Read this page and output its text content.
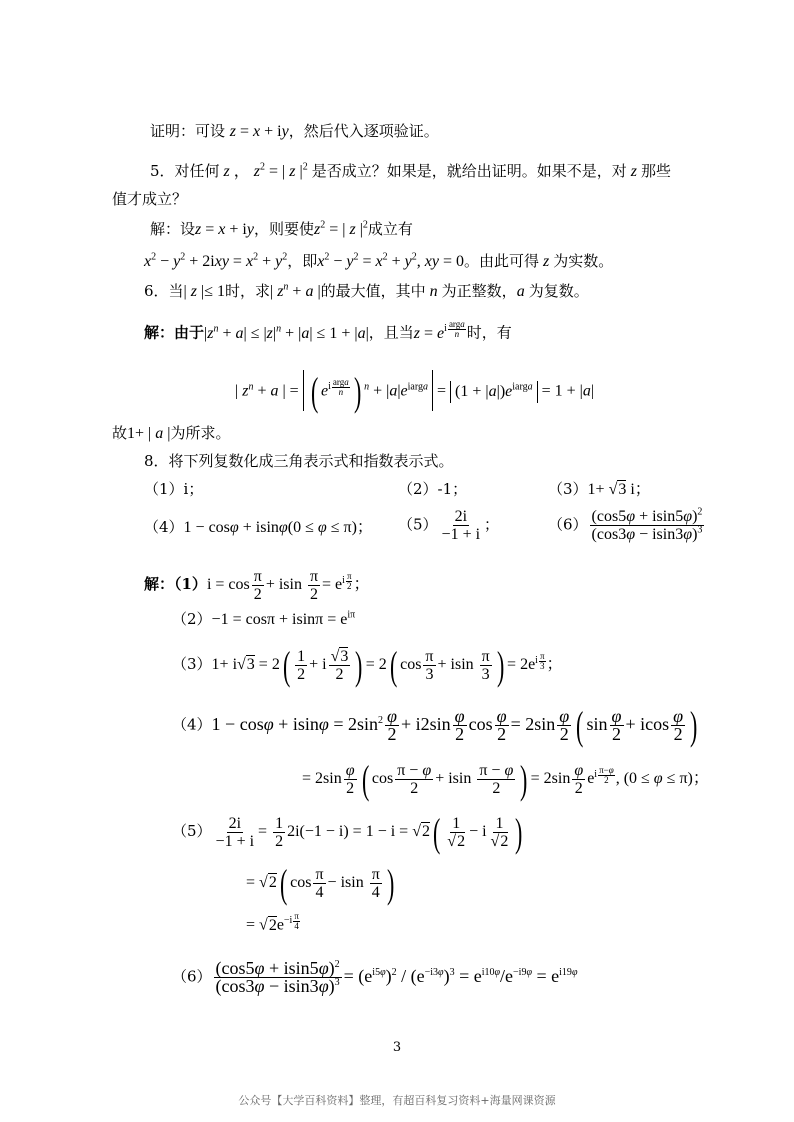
证明：可设 z = x + iy，然后代入逐项验证。
5．对任何 z ， $z^2$ = | z $|^2$ 是否成立？如果是，就给出证明。如果不是，对 z 那些
值才成立？
解：设z = x + iy，则要使$z^2$ = | z $|^2$成立有
$x^2 - y^2 + 2ixy = x^2 + y^2$，即$x^2 - y^2 = x^2 + y^2$, xy = 0。由此可得 z 为实数。
6．当| z |≤ 1时，求| $z^n + a$ |的最大值，其中 n 为正整数，a 为复数。
解：由于$|z^n + a| \le |z|^n + |a| \le 1 + |a|$，且当$z = e^{i arga n}$ 时，有
| $z^n + a$ | = ( $e^{i arga n}$ ) $^n + |a|e^{iarga} = (1 + |a|)e^{iarga} = 1 + |a|$
故1+ | a |为所求。
8．将下列复数化成三角表示式和指数表示式。
（1）i；	（2）-1；	（3）1+ √3 i；
（4）1 − cosφ + isinφ(0 ≤ φ ≤ π)； $(5) \frac{2i}{-1 + i}$ ；	$(6) \frac{(\cos 5\varphi + isin5\varphi)^2}{(\cos 3\varphi - isin3\varphi)^3}$
解：$(1)i = \cos \frac{\pi}{2} + isin \frac{\pi}{2} = e^{i \frac{\pi}{2}}$ ；
$(2)-1 = \cos\pi + isin\pi = e^{i\pi}$
$(3)1+ i√3 = 2( \frac{1}{2} + i \frac{√3}{2}$ ) = 2( $\cos \frac{\pi}{3} + isin \frac{\pi}{3}$ ) = $2e^{i \frac{\pi}{3}}$ ；
$(4)1 - \cos\varphi + isin\varphi = 2\sin^2 \frac{\varphi}{2} + i2\sin \frac{\varphi}{2}$ $\cos \frac{\varphi}{2} = 2\sin \frac{\varphi}{2}$ ( $\sin \frac{\varphi}{2} + icos \frac{\varphi}{2}$ )
= $2\sin \frac{\varphi}{2}$ ( $\cos \frac{\pi - \varphi}{2} + isin \frac{\pi - \varphi}{2}$ ) = $2\sin \frac{\varphi}{2} e^{i \frac{\pi-\varphi}{2}}$ , (0 ≤ φ ≤ π)；
$(5) \frac{2i}{-1 + i} = \frac{1}{2} 2i(-1 - i) = 1 - i = √2( \frac{1}{√2} - i \frac{1}{√2}$ )
= √2( $\cos \frac{\pi}{4} - isin \frac{\pi}{4}$ )
= $√2e^{-i \frac{\pi}{4}}$
$(6) \frac{(\cos 5\varphi + isin5\varphi)^2}{(\cos 3\varphi - isin3\varphi)^3} = (e^{i5\varphi})^2 / (e^{-i3\varphi})^3 = e^{i10\varphi}/e^{-i9\varphi} = e^{i19\varphi}$
3
公众号【大学百科资料】整理，有超百科复习资料+海量网课资源
